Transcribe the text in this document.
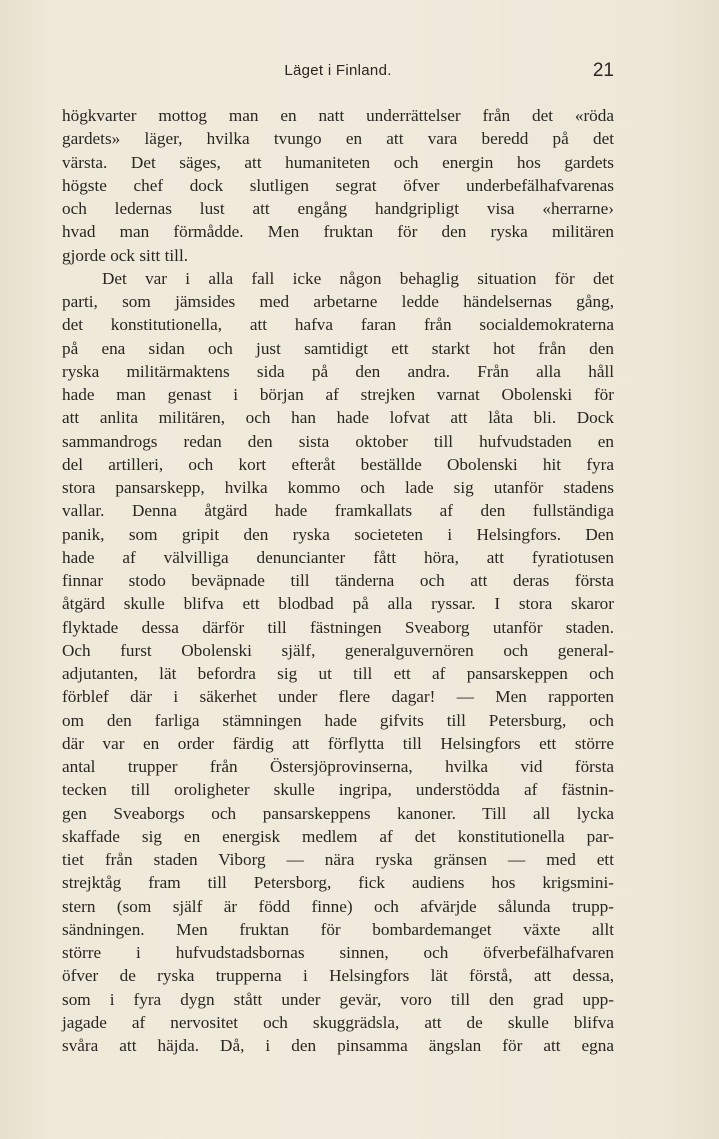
Läget i Finland.	21
högkvarter mottog man en natt underrättelser från det «röda
gardets» läger, hvilka tvungo en att vara beredd på det
värsta. Det säges, att humaniteten och energin hos gardets
högste chef dock slutligen segrat öfver underbefälhafvarenas
och ledernas lust att engång handgripligt visa «herrarne›
hvad man förmådde. Men fruktan för den ryska militären
gjorde ock sitt till.
Det var i alla fall icke någon behaglig situation för det
parti, som jämsides med arbetarne ledde händelsernas gång,
det konstitutionella, att hafva faran från socialdemokraterna
på ena sidan och just samtidigt ett starkt hot från den
ryska militärmaktens sida på den andra. Från alla håll
hade man genast i början af strejken varnat Obolenski för
att anlita militären, och han hade lofvat att låta bli. Dock
sammandrogs redan den sista oktober till hufvudstaden en
del artilleri, och kort efteråt beställde Obolenski hit fyra
stora pansarskepp, hvilka kommo och lade sig utanför stadens
vallar. Denna åtgärd hade framkallats af den fullständiga
panik, som gripit den ryska societeten i Helsingfors. Den
hade af välvilliga denuncianter fått höra, att fyratiotusen
finnar stodo beväpnade till tänderna och att deras första
åtgärd skulle blifva ett blodbad på alla ryssar. I stora skaror
flyktade dessa därför till fästningen Sveaborg utanför staden.
Och furst Obolenski själf, generalguvernören och general-
adjutanten, lät befordra sig ut till ett af pansarskeppen och
förblef där i säkerhet under flere dagar! — Men rapporten
om den farliga stämningen hade gifvits till Petersburg, och
där var en order färdig att förflytta till Helsingfors ett större
antal trupper från Östersjöprovinserna, hvilka vid första
tecken till oroligheter skulle ingripa, understödda af fästnin-
gen Sveaborgs och pansarskeppens kanoner. Till all lycka
skaffade sig en energisk medlem af det konstitutionella par-
tiet från staden Viborg — nära ryska gränsen — med ett
strejktåg fram till Petersborg, fick audiens hos krigsmini-
stern (som själf är född finne) och afvärjde sålunda trupp-
sändningen. Men fruktan för bombardemanget växte allt
större i hufvudstadsbornas sinnen, och öfverbefälhafvaren
öfver de ryska trupperna i Helsingfors lät förstå, att dessa,
som i fyra dygn stått under gevär, voro till den grad upp-
jagade af nervositet och skuggrädsla, att de skulle blifva
svåra att häjda. Då, i den pinsamma ängslan för att egna
